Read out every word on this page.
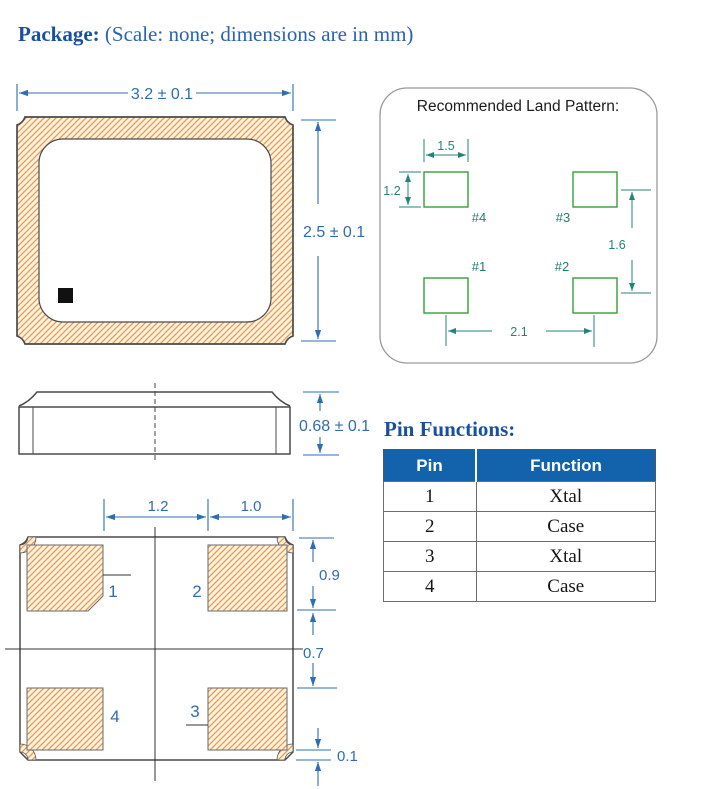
3.2 ± 0.1
2.5 ± 0.1
Recommended Land Pattern:
1.5
1.2
1.6
2.1
#4	#3
#1	#2
0.68 ± 0.1
1	2
4	3
1.2	1.0
0.9
0.7
0.1
Package: (Scale: none; dimensions are in mm)
Pin Functions:
Pin	Function
1	Xtal
2	Case
3	Xtal
4	Case
